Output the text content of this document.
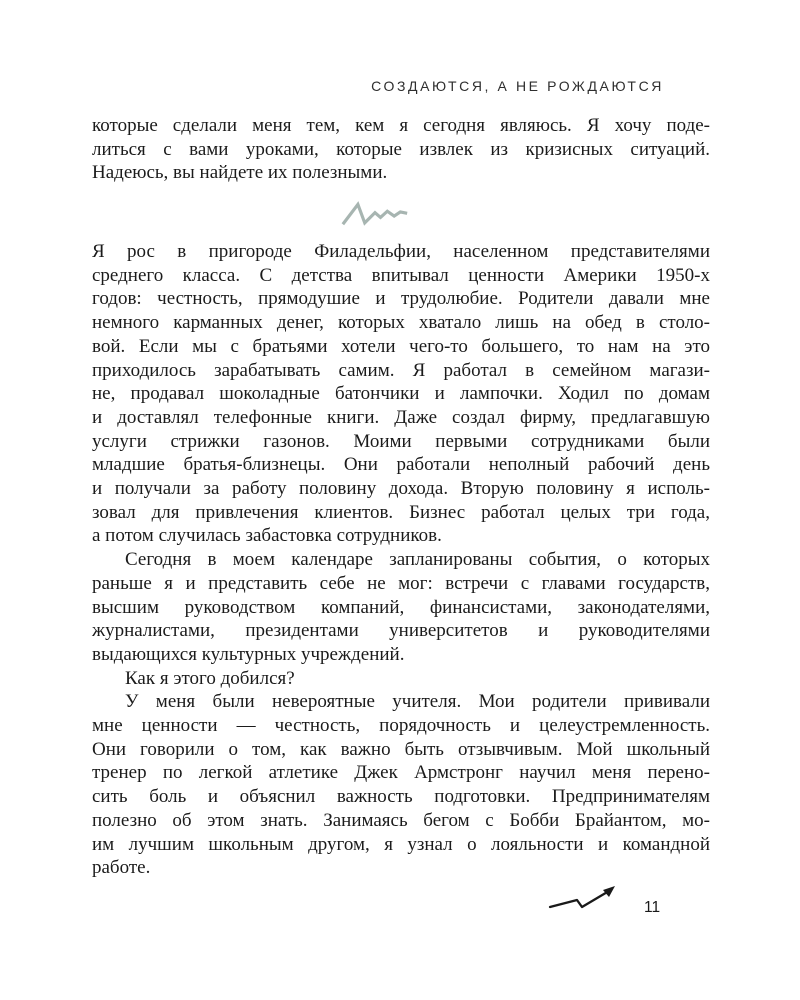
СОЗДАЮТСЯ, А НЕ РОЖДАЮТСЯ
которые сделали меня тем, кем я сегодня являюсь. Я хочу поде-
литься с вами уроками, которые извлек из кризисных ситуаций.
Надеюсь, вы найдете их полезными.
Я рос в пригороде Филадельфии, населенном представителями
среднего класса. С детства впитывал ценности Америки 1950-х
годов: честность, прямодушие и трудолюбие. Родители давали мне
немного карманных денег, которых хватало лишь на обед в столо-
вой. Если мы с братьями хотели чего-то большего, то нам на это
приходилось зарабатывать самим. Я работал в семейном магази-
не, продавал шоколадные батончики и лампочки. Ходил по домам
и доставлял телефонные книги. Даже создал фирму, предлагавшую
услуги стрижки газонов. Моими первыми сотрудниками были
младшие братья-близнецы. Они работали неполный рабочий день
и получали за работу половину дохода. Вторую половину я исполь-
зовал для привлечения клиентов. Бизнес работал целых три года,
а потом случилась забастовка сотрудников.
Сегодня в моем календаре запланированы события, о которых
раньше я и представить себе не мог: встречи с главами государств,
высшим руководством компаний, финансистами, законодателями,
журналистами, президентами университетов и руководителями
выдающихся культурных учреждений.
Как я этого добился?
У меня были невероятные учителя. Мои родители прививали
мне ценности — честность, порядочность и целеустремленность.
Они говорили о том, как важно быть отзывчивым. Мой школьный
тренер по легкой атлетике Джек Армстронг научил меня перено-
сить боль и объяснил важность подготовки. Предпринимателям
полезно об этом знать. Занимаясь бегом с Бобби Брайантом, мо-
им лучшим школьным другом, я узнал о лояльности и командной
работе.
11
